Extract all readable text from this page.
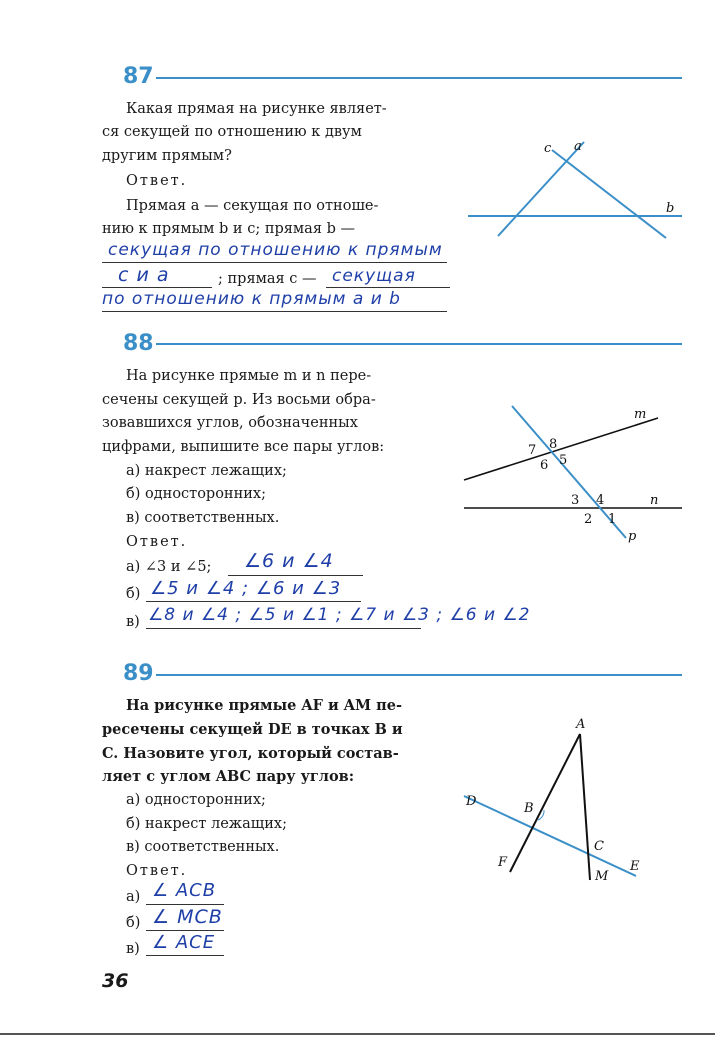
87
Какая прямая на рисунке являет-
ся секущей по отношению к двум
другим прямым?
Ответ.
Прямая a — секущая по отноше-
нию к прямым b и c; прямая b —
секущая по отношению к прямым
c и a	; прямая c — секущая
по отношению к прямым a и b
c a
b
88
На рисунке прямые m и n пере-
сечены секущей p. Из восьми обра-
зовавшихся углов, обозначенных
цифрами, выпишите все пары углов:
а) накрест лежащих;
б) односторонних;
в) соответственных.
Ответ.
а) ∠3 и ∠5; ∠6 и ∠4
б) ∠5 и ∠4 ; ∠6 и ∠3
в) ∠8 и ∠4 ; ∠5 и ∠1 ; ∠7 и ∠3 ; ∠6 и ∠2
m
n
p
7 8
6 5
3 4
2 1
89
На рисунке прямые AF и AM пе-
ресечены секущей DE в точках B и
C. Назовите угол, который состав-
ляет с углом ABC пару углов:
а) односторонних;
б) накрест лежащих;
в) соответственных.
Ответ.
а) ∠ ACB
б) ∠ MCB
в) ∠ ACE
A
B
C
D
E
F
M
36
